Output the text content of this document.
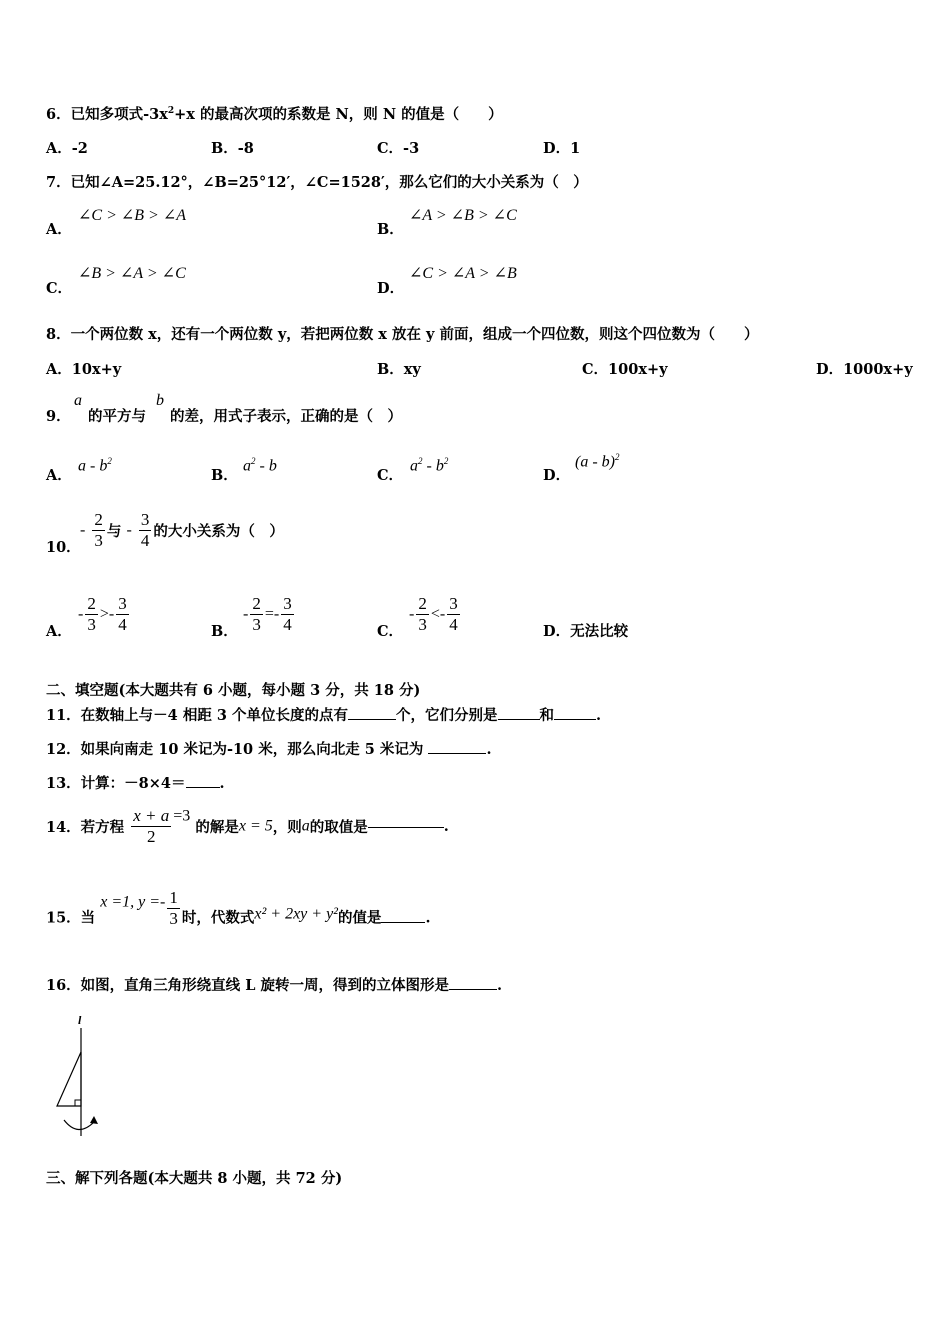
6．已知多项式$-3x^2+x$ 的最高次项的系数是 N，则 N 的值是（　　）
A．-2	B．-8	C．-3	D．1
7．已知∠A=25.12°，∠B=25°12′，∠C=1528′，那么它们的大小关系为（　）
A．
∠C > ∠B > ∠A
B．
∠A > ∠B > ∠C
C．
∠B > ∠A > ∠C
D．
∠C > ∠A > ∠B
8．一个两位数 x，还有一个两位数 y，若把两位数 x 放在 y 前面，组成一个四位数，则这个四位数为（　　）
A．10x+y	B．xy	C．100x+y	D．1000x+y
9．
a
的平方与
b
的差，用式子表示，正确的是（　）
A．
a - $b^2$
B．
$a^2$ - b
C．
$a^2 - b^2$
D．
(a - b)$^2$
10．
- $\frac{2}{3}$ 与 - $\frac{3}{4}$ 的大小关系为（　）
A．
- $\frac{2}{3} >- \frac{3}{4}$	B．
- $\frac{2}{3} =- \frac{3}{4}$	C．
- $\frac{2}{3} <- \frac{3}{4}$	D．无法比较
二、填空题(本大题共有 6 小题，每小题 3 分，共 18 分)
11．在数轴上与－4 相距 3 个单位长度的点有	个，它们分别是	和	.
12．如果向南走 10 米记为-10 米，那么向北走 5 米记为	.
13．计算：－8×4＝ .
14．若方程 $\frac{x + a}{2} =3$ 的解是x = 5，则a的取值是	.
15．当 x =1, $y =- \frac{1}{3}$ 时，代数式x² + 2xy + y²的值是	.
16．如图，直角三角形绕直线 L 旋转一周，得到的立体图形是	.
l
三、解下列各题(本大题共 8 小题，共 72 分)
